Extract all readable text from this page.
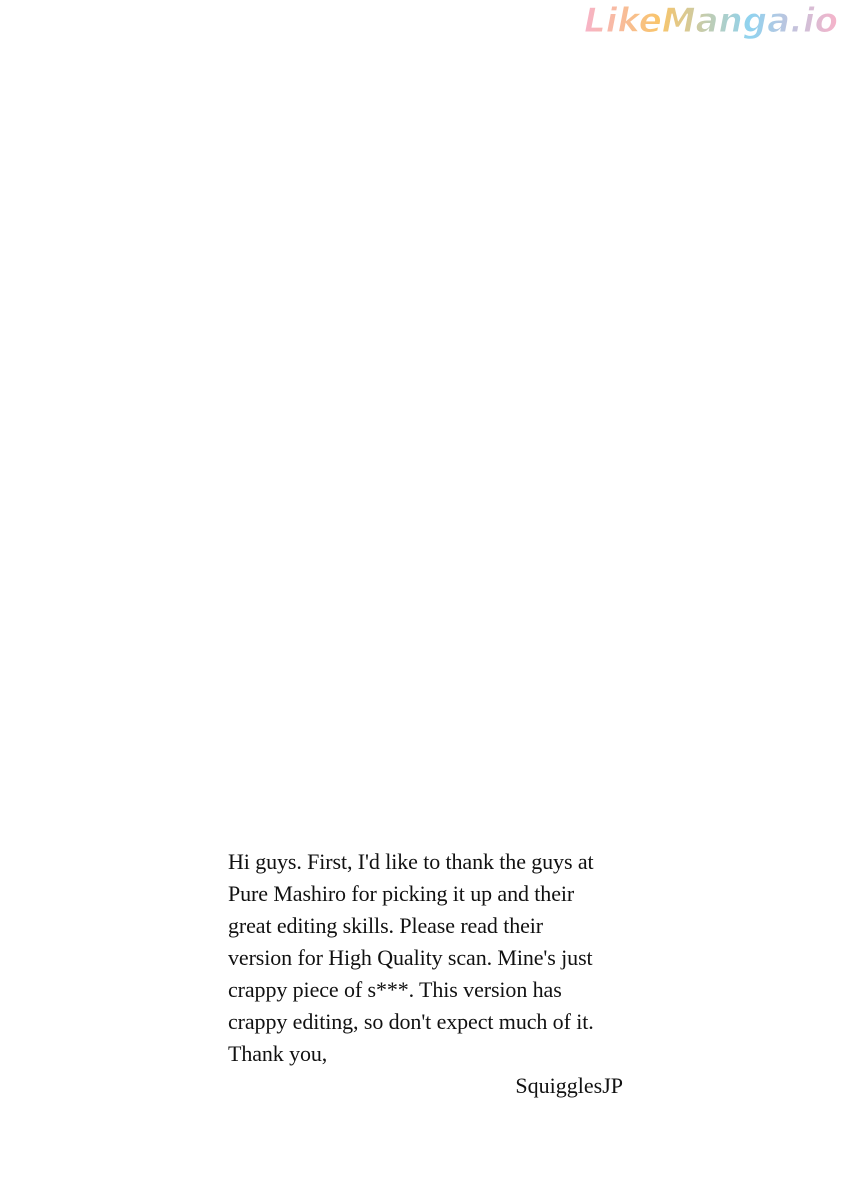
LikeManga.io
Hi guys. First, I'd like to thank the guys at
Pure Mashiro for picking it up and their
great editing skills. Please read their
version for High Quality scan. Mine's just
crappy piece of s***. This version has
crappy editing, so don't expect much of it.
Thank you,
SquigglesJP
